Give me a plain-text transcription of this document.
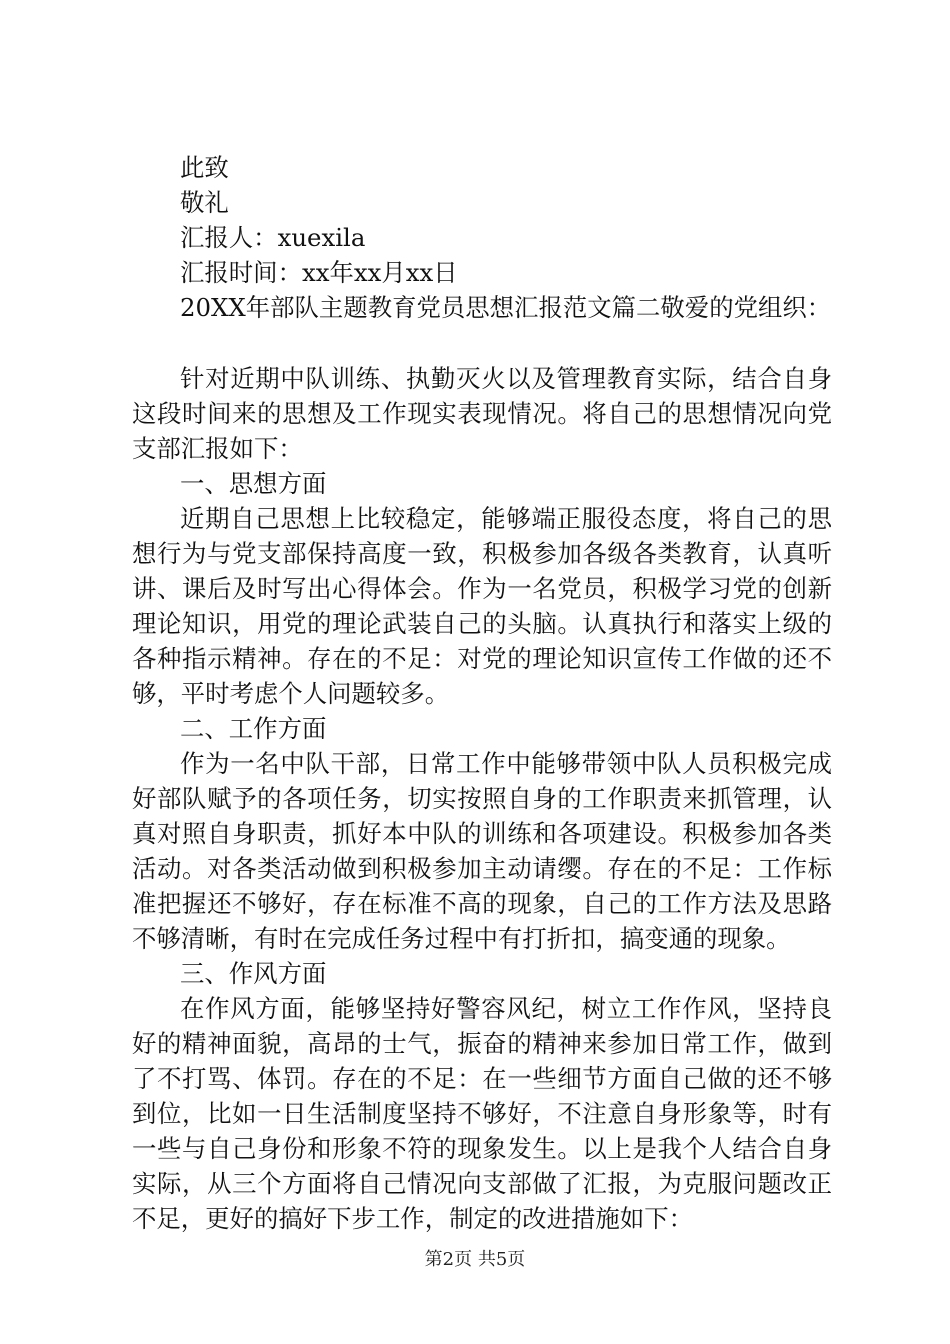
此致
敬礼
汇报人：xuexila
汇报时间：xx年xx月xx日
20XX年部队主题教育党员思想汇报范文篇二敬爱的党组织：

针对近期中队训练、执勤灭火以及管理教育实际，结合自身这段时间来的思想及工作现实表现情况。将自己的思想情况向党支部汇报如下：

一、思想方面

近期自己思想上比较稳定，能够端正服役态度，将自己的思想行为与党支部保持高度一致，积极参加各级各类教育，认真听讲、课后及时写出心得体会。作为一名党员，积极学习党的创新理论知识，用党的理论武装自己的头脑。认真执行和落实上级的各种指示精神。存在的不足：对党的理论知识宣传工作做的还不够，平时考虑个人问题较多。

二、工作方面

作为一名中队干部，日常工作中能够带领中队人员积极完成好部队赋予的各项任务，切实按照自身的工作职责来抓管理，认真对照自身职责，抓好本中队的训练和各项建设。积极参加各类活动。对各类活动做到积极参加主动请缨。存在的不足：工作标准把握还不够好，存在标准不高的现象，自己的工作方法及思路不够清晰，有时在完成任务过程中有打折扣，搞变通的现象。

三、作风方面

在作风方面，能够坚持好警容风纪，树立工作作风，坚持良好的精神面貌，高昂的士气，振奋的精神来参加日常工作，做到了不打骂、体罚。存在的不足：在一些细节方面自己做的还不够到位，比如一日生活制度坚持不够好，不注意自身形象等，时有一些与自己身份和形象不符的现象发生。以上是我个人结合自身实际，从三个方面将自己情况向支部做了汇报，为克服问题改正不足，更好的搞好下步工作，制定的改进措施如下：

第2页 共5页
